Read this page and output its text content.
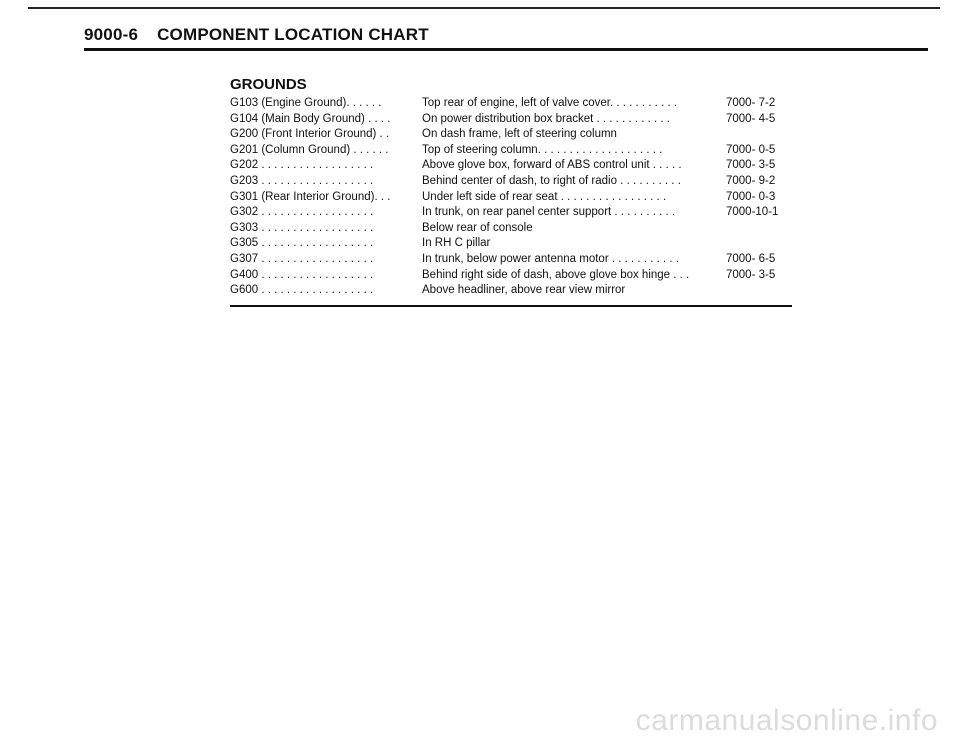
9000-6 COMPONENT LOCATION CHART
GROUNDS
G103 (Engine Ground). . . . . .	Top rear of engine, left of valve cover. . . . . . . . . . .	7000- 7-2
G104 (Main Body Ground) . . . .	On power distribution box bracket . . . . . . . . . . . .	7000- 4-5
G200 (Front Interior Ground) . .	On dash frame, left of steering column
G201 (Column Ground) . . . . . .	Top of steering column. . . . . . . . . . . . . . . . . . . .	7000- 0-5
G202 . . . . . . . . . . . . . . . . . .	Above glove box, forward of ABS control unit . . . . .	7000- 3-5
G203 . . . . . . . . . . . . . . . . . .	Behind center of dash, to right of radio . . . . . . . . . .	7000- 9-2
G301 (Rear Interior Ground). . .	Under left side of rear seat . . . . . . . . . . . . . . . . .	7000- 0-3
G302 . . . . . . . . . . . . . . . . . .	In trunk, on rear panel center support . . . . . . . . . .	7000-10-1
G303 . . . . . . . . . . . . . . . . . .	Below rear of console
G305 . . . . . . . . . . . . . . . . . .	In RH C pillar
G307 . . . . . . . . . . . . . . . . . .	In trunk, below power antenna motor . . . . . . . . . . .	7000- 6-5
G400 . . . . . . . . . . . . . . . . . .	Behind right side of dash, above glove box hinge . . .	7000- 3-5
G600 . . . . . . . . . . . . . . . . . .	Above headliner, above rear view mirror
carmanualsonline.info
